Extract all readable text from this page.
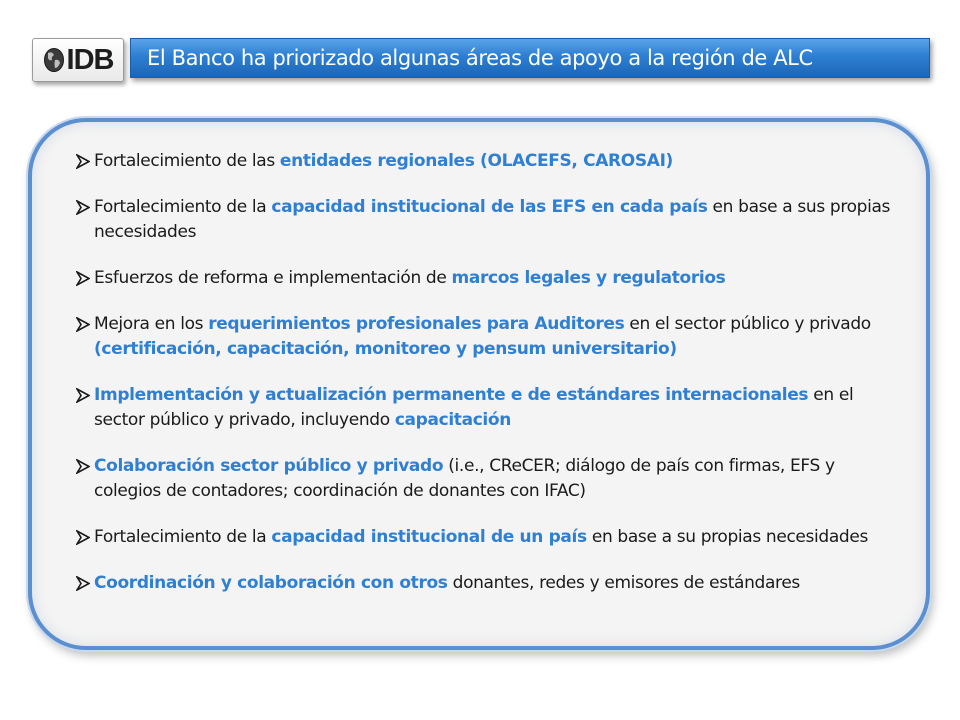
IDB	El Banco ha priorizado algunas áreas de apoyo a la región de ALC
Fortalecimiento de las entidades regionales (OLACEFS, CAROSAI)
Fortalecimiento de la capacidad institucional de las EFS en cada país en base a sus propias necesidades
Esfuerzos de reforma e implementación de marcos legales y regulatorios
Mejora en los requerimientos profesionales para Auditores en el sector público y privado (certificación, capacitación, monitoreo y pensum universitario)
Implementación y actualización permanente e de estándares internacionales en el sector público y privado, incluyendo capacitación
Colaboración sector público y privado (i.e., CReCER; diálogo de país con firmas, EFS y colegios de contadores; coordinación de donantes con IFAC)
Fortalecimiento de la capacidad institucional de un país en base a su propias necesidades
Coordinación y colaboración con otros donantes, redes y emisores de estándares
